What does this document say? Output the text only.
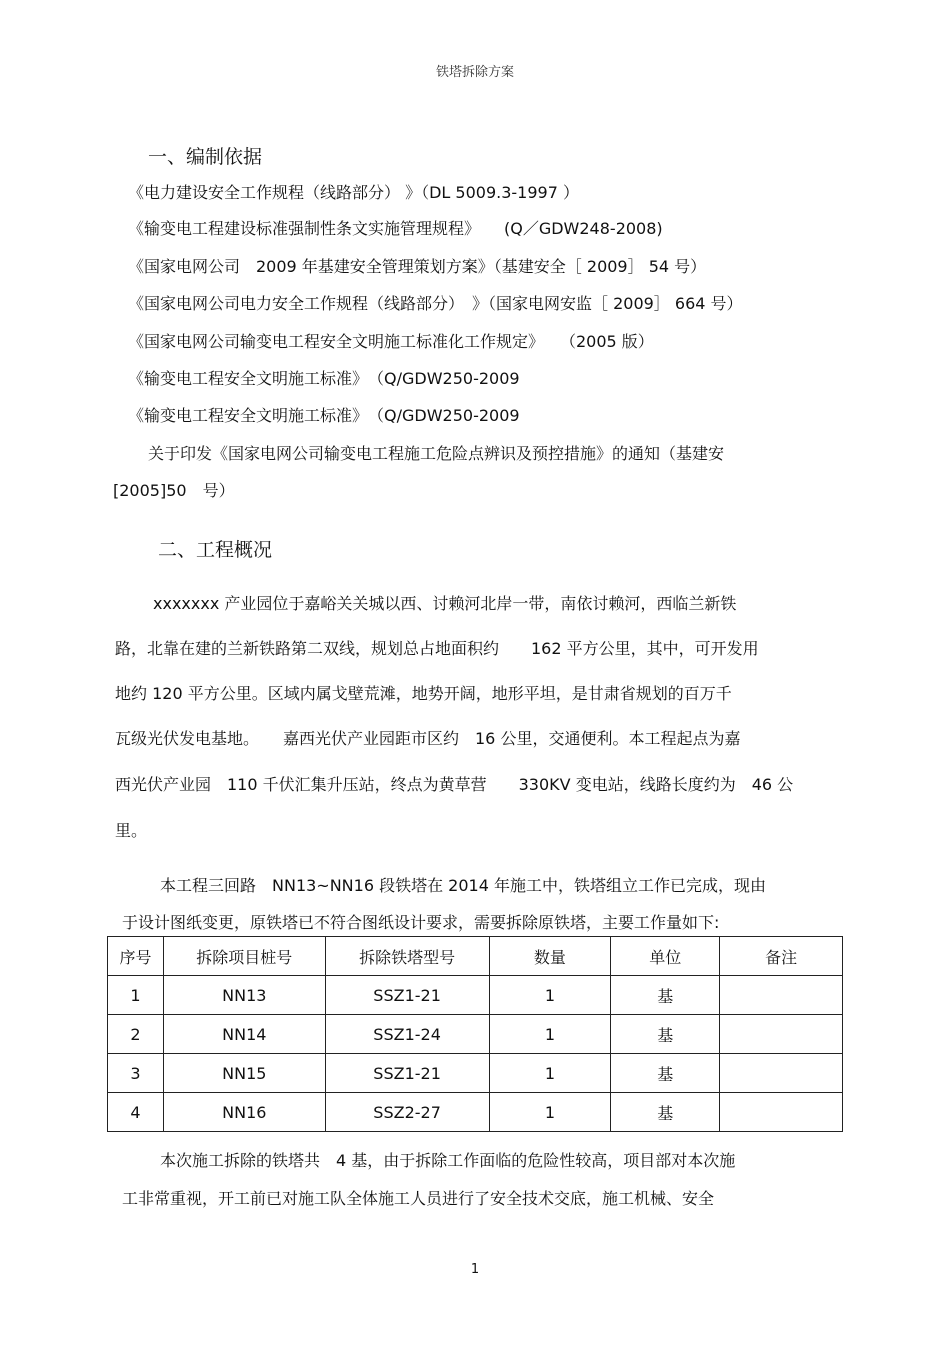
铁塔拆除方案
一、编制依据
《电力建设安全工作规程（线路部分） 》（DL 5009.3-1997 ）
《输变电工程建设标准强制性条文实施管理规程》　　(Q／GDW248-2008)
《国家电网公司　2009 年基建安全管理策划方案》（基建安全［ 2009］ 54 号）
《国家电网公司电力安全工作规程（线路部分）　》（国家电网安监［ 2009］ 664 号）
《国家电网公司输变电工程安全文明施工标准化工作规定》　　（2005 版）
《输变电工程安全文明施工标准》　（Q/GDW250-2009
《输变电工程安全文明施工标准》　（Q/GDW250-2009
关于印发《国家电网公司输变电工程施工危险点辨识及预控措施》的通知（基建安
[2005]50　号）
二、工程概况
xxxxxxx 产业园位于嘉峪关关城以西、讨赖河北岸一带，南依讨赖河，西临兰新铁
路，北靠在建的兰新铁路第二双线，规划总占地面积约　　162 平方公里，其中，可开发用
地约 120 平方公里。区域内属戈壁荒滩，地势开阔，地形平坦，是甘肃省规划的百万千
瓦级光伏发电基地。　　嘉西光伏产业园距市区约　16 公里，交通便利。本工程起点为嘉
西光伏产业园　110 千伏汇集升压站，终点为黄草营　　330KV 变电站，线路长度约为　46 公
里。
本工程三回路　NN13~NN16 段铁塔在 2014 年施工中，铁塔组立工作已完成，现由
于设计图纸变更，原铁塔已不符合图纸设计要求，需要拆除原铁塔，主要工作量如下:
序号	拆除项目桩号	拆除铁塔型号	数量	单位	备注
1	NN13	SSZ1-21	1	基	
2	NN14	SSZ1-24	1	基	
3	NN15	SSZ1-21	1	基	
4	NN16	SSZ2-27	1	基	
本次施工拆除的铁塔共　4 基，由于拆除工作面临的危险性较高，项目部对本次施
工非常重视，开工前已对施工队全体施工人员进行了安全技术交底，施工机械、安全
1
